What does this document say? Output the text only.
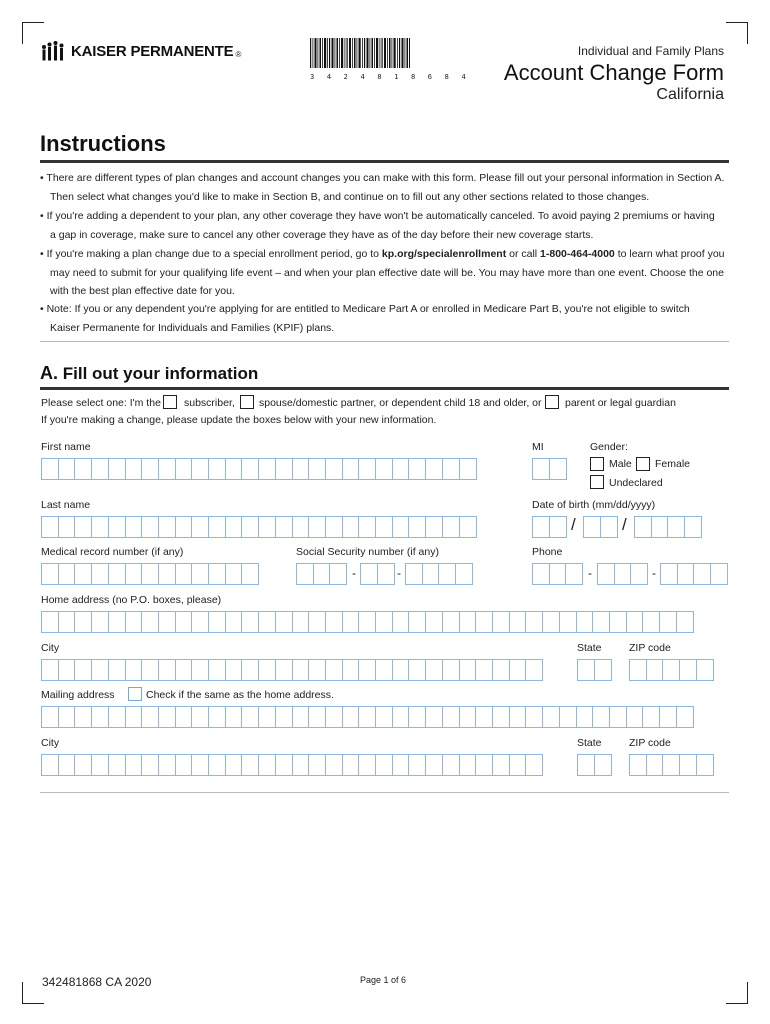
KAISER PERMANENTE ®
3 4 2 4 8 1 8 6 8 4
Individual and Family Plans
Account Change Form
California
Instructions
• There are different types of plan changes and account changes you can make with this form. Please fill out your personal information in Section A.
Then select what changes you'd like to make in Section B, and continue on to fill out any other sections related to those changes.
• If you're adding a dependent to your plan, any other coverage they have won't be automatically canceled. To avoid paying 2 premiums or having
a gap in coverage, make sure to cancel any other coverage they have as of the day before their new coverage starts.
• If you're making a plan change due to a special enrollment period, go to kp.org/specialenrollment or call 1-800-464-4000 to learn what proof you
may need to submit for your qualifying life event – and when your plan effective date will be. You may have more than one event. Choose the one
with the best plan effective date for you.
• Note: If you or any dependent you're applying for are entitled to Medicare Part A or enrolled in Medicare Part B, you're not eligible to switch
Kaiser Permanente for Individuals and Families (KPIF) plans.
A. Fill out your information
Please select one: I'm the subscriber, spouse/domestic partner, or dependent child 18 and older, or parent or legal guardian
If you're making a change, please update the boxes below with your new information.
First name	MI	Gender:
Male Female
Undeclared
Last name	Date of birth (mm/dd/yyyy)
/	/
Medical record number (if any)	Social Security number (if any)	Phone
-	-	-	-
Home address (no P.O. boxes, please)
City	State	ZIP code
Mailing address	Check if the same as the home address.
City	State	ZIP code
342481868 CA 2020	Page 1 of 6
